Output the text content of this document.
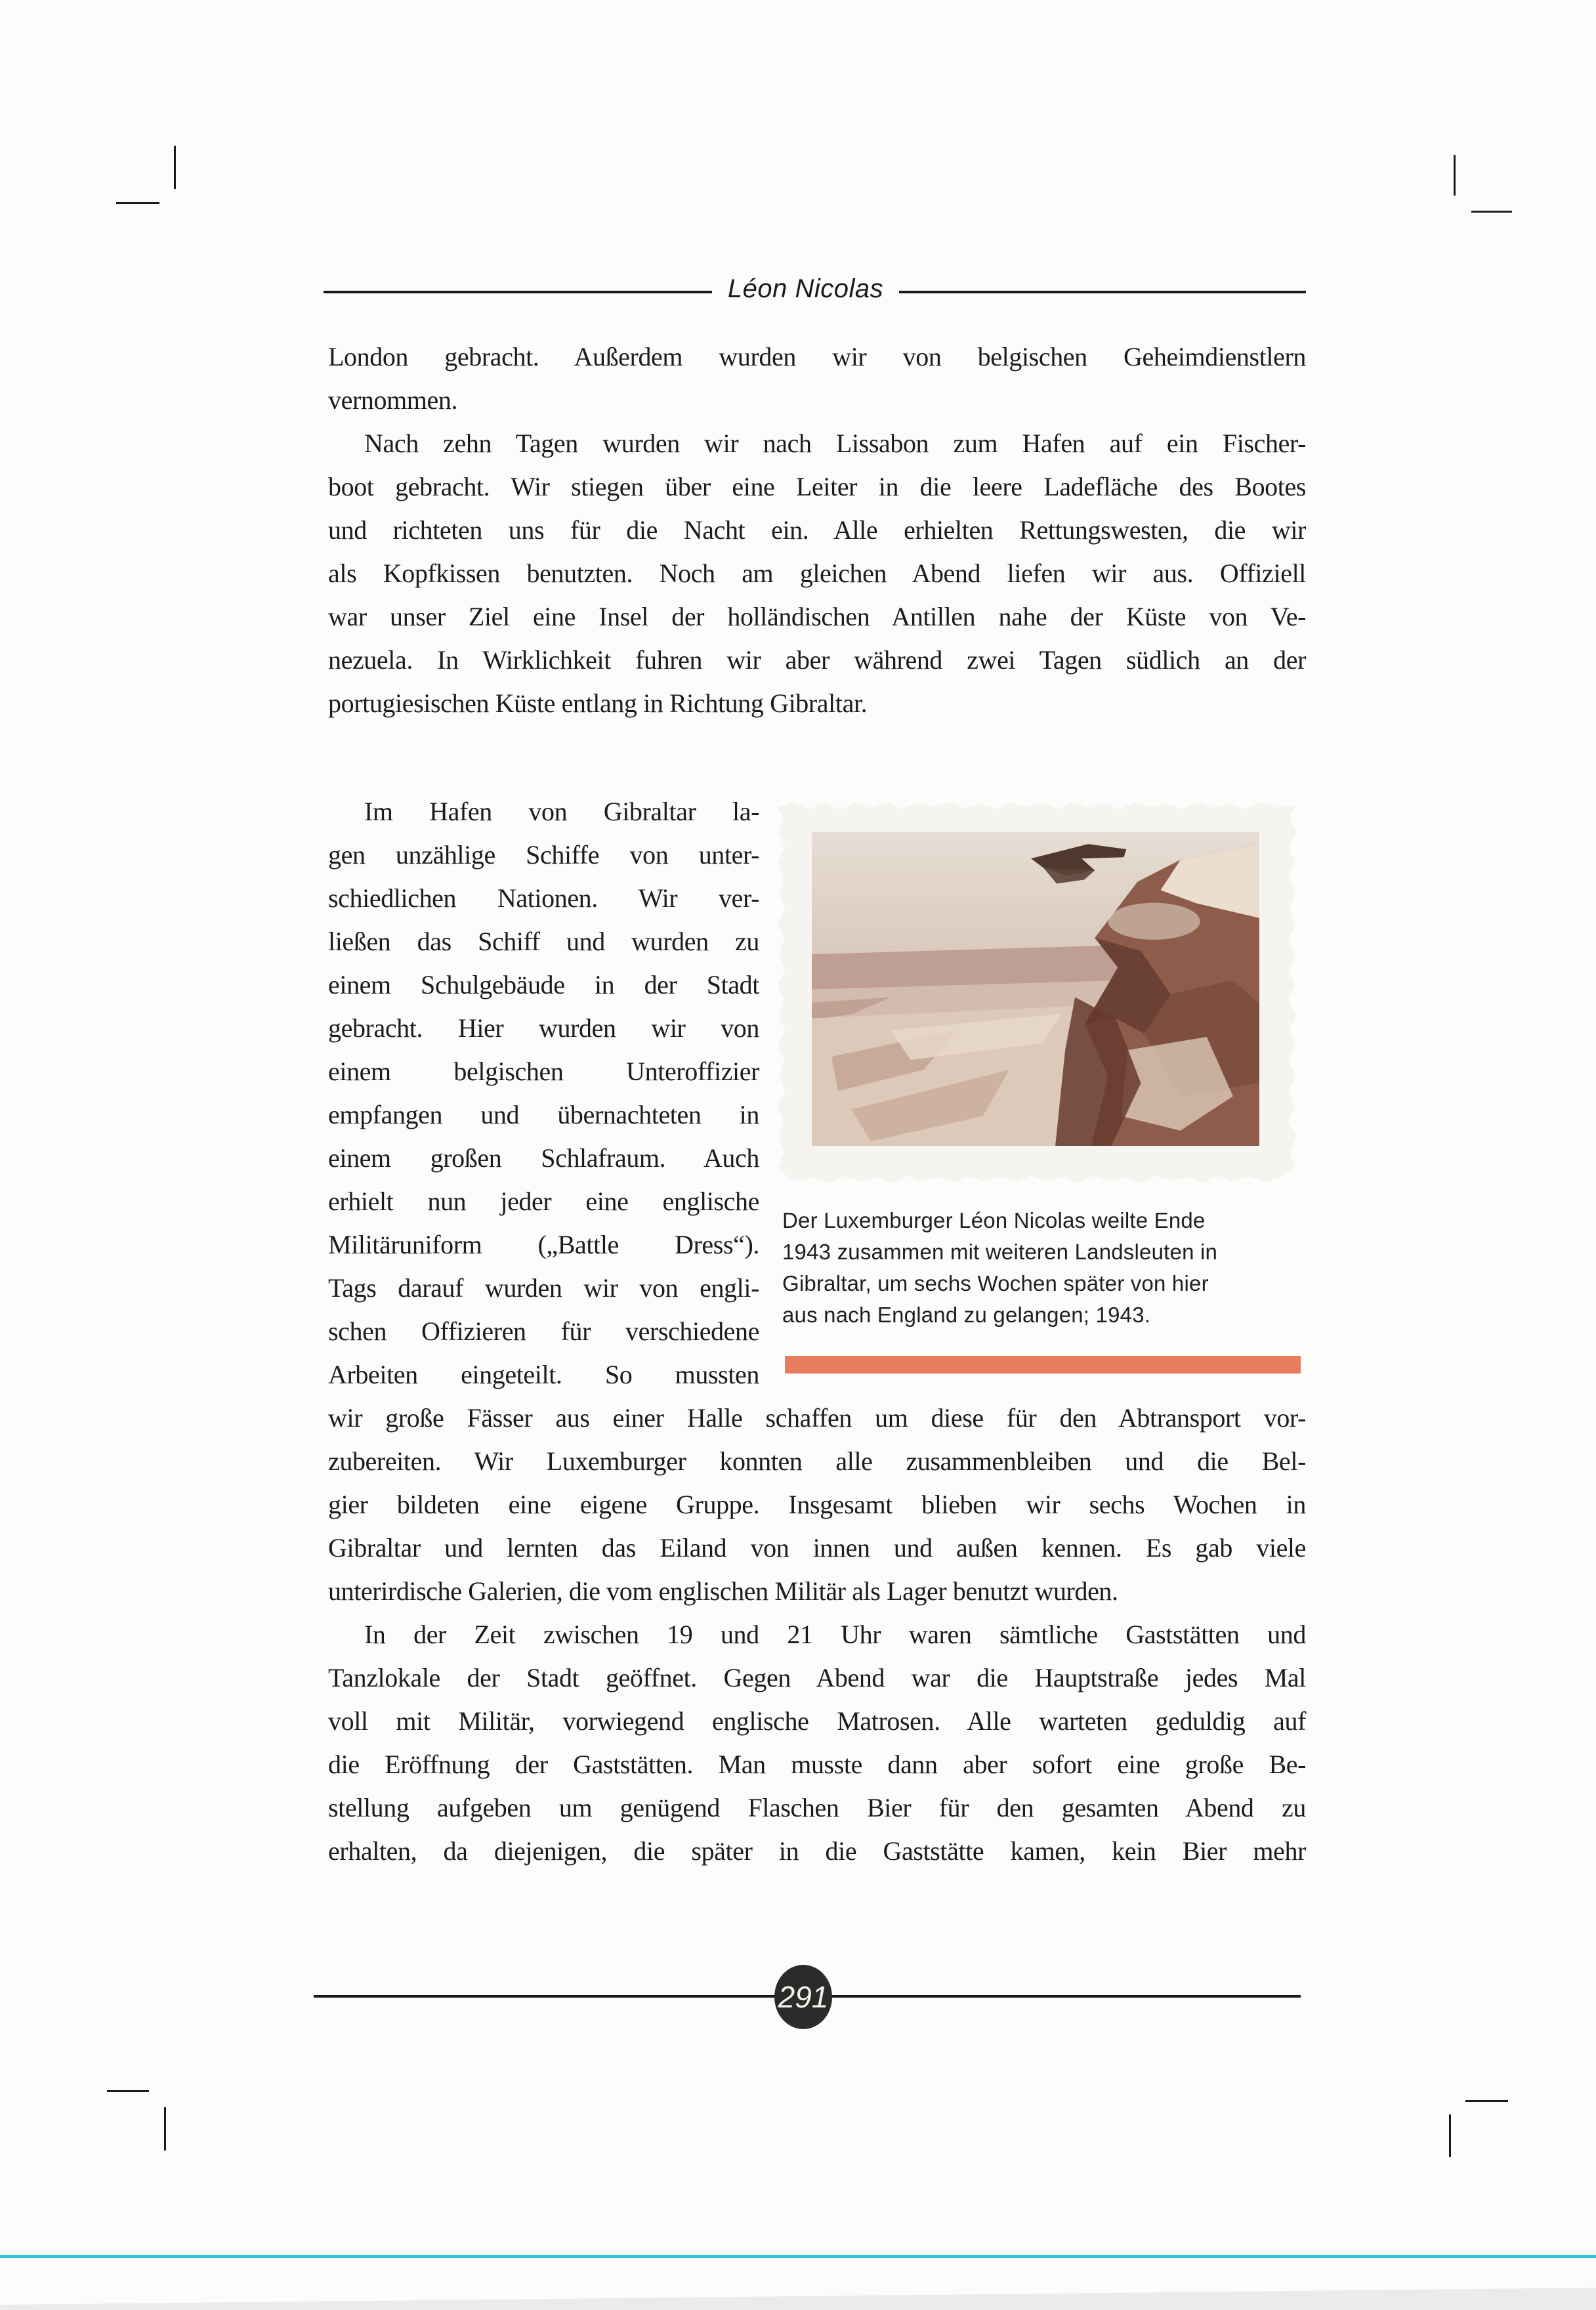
Léon Nicolas
London gebracht. Außerdem wurden wir von belgischen Geheimdienstlern
vernommen.
Nach zehn Tagen wurden wir nach Lissabon zum Hafen auf ein Fischer-
boot gebracht. Wir stiegen über eine Leiter in die leere Ladefläche des Bootes
und richteten uns für die Nacht ein. Alle erhielten Rettungswesten, die wir
als Kopfkissen benutzten. Noch am gleichen Abend liefen wir aus. Offiziell
war unser Ziel eine Insel der holländischen Antillen nahe der Küste von Ve-
nezuela. In Wirklichkeit fuhren wir aber während zwei Tagen südlich an der
portugiesischen Küste entlang in Richtung Gibraltar.
Im Hafen von Gibraltar la-
gen unzählige Schiffe von unter-
schiedlichen Nationen. Wir ver-
ließen das Schiff und wurden zu
einem Schulgebäude in der Stadt
gebracht. Hier wurden wir von
einem belgischen Unteroffizier
empfangen und übernachteten in
einem großen Schlafraum. Auch
erhielt nun jeder eine englische
Militäruniform („Battle Dress“).
Tags darauf wurden wir von engli-
schen Offizieren für verschiedene
Arbeiten eingeteilt. So mussten
wir große Fässer aus einer Halle schaffen um diese für den Abtransport vor-
zubereiten. Wir Luxemburger konnten alle zusammenbleiben und die Bel-
gier bildeten eine eigene Gruppe. Insgesamt blieben wir sechs Wochen in
Gibraltar und lernten das Eiland von innen und außen kennen. Es gab viele
unterirdische Galerien, die vom englischen Militär als Lager benutzt wurden.
In der Zeit zwischen 19 und 21 Uhr waren sämtliche Gaststätten und
Tanzlokale der Stadt geöffnet. Gegen Abend war die Hauptstraße jedes Mal
voll mit Militär, vorwiegend englische Matrosen. Alle warteten geduldig auf
die Eröffnung der Gaststätten. Man musste dann aber sofort eine große Be-
stellung aufgeben um genügend Flaschen Bier für den gesamten Abend zu
erhalten, da diejenigen, die später in die Gaststätte kamen, kein Bier mehr
Der Luxemburger Léon Nicolas weilte Ende
1943 zusammen mit weiteren Landsleuten in
Gibraltar, um sechs Wochen später von hier
aus nach England zu gelangen; 1943.
291
